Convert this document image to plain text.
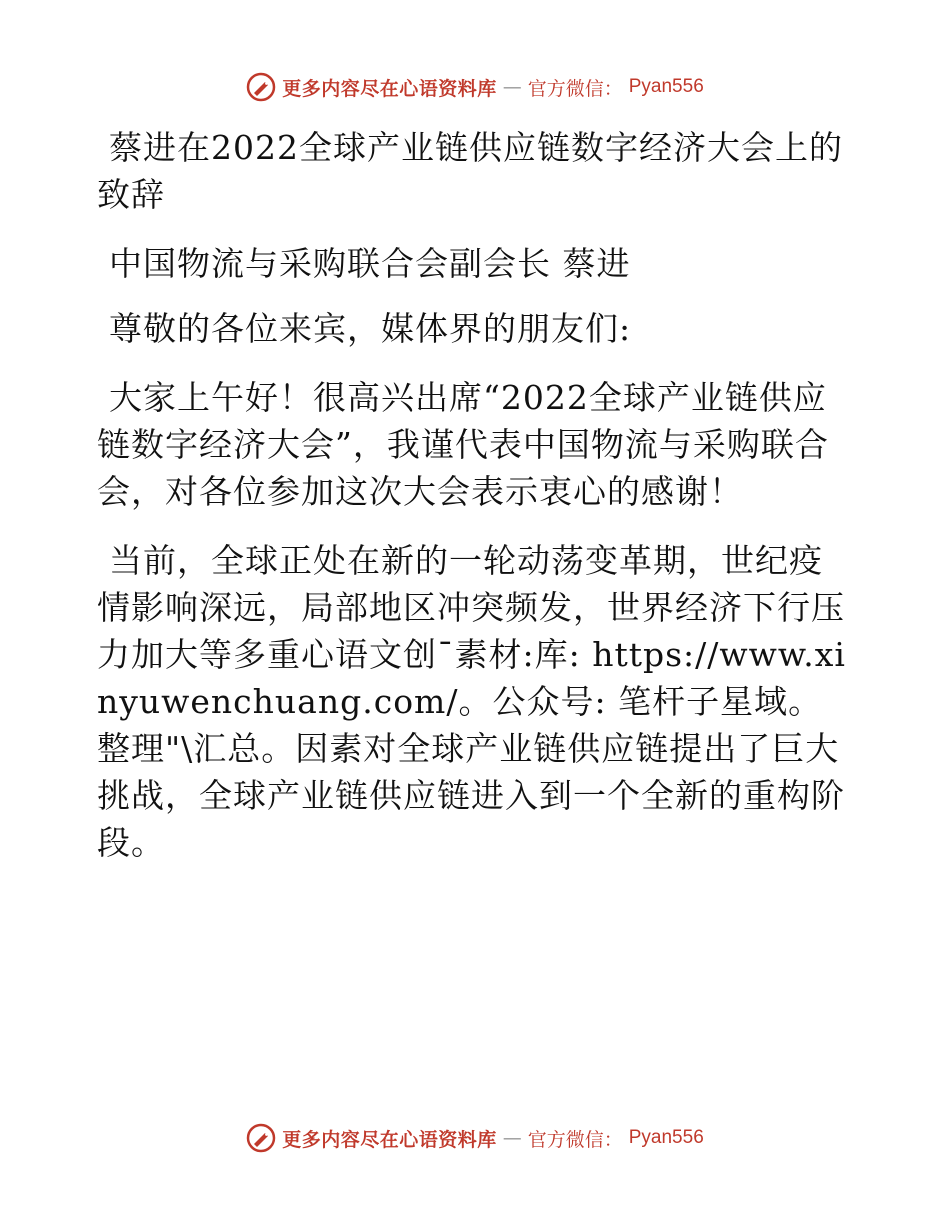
更多内容尽在心语资料库 — 官方微信： Pyan556

蔡进在2022全球产业链供应链数字经济大会上的致辞

中国物流与采购联合会副会长 蔡进

尊敬的各位来宾，媒体界的朋友们:

大家上午好！很高兴出席“2022全球产业链供应链数字经济大会”，我谨代表中国物流与采购联合会，对各位参加这次大会表示衷心的感谢！

当前，全球正处在新的一轮动荡变革期，世纪疫情影响深远，局部地区冲突频发，世界经济下行压力加大等多重心语文创¯素材:库: https://www.xinyuwenchuang.com/。公众号: 笔杆子星域。整理"\汇总。因素对全球产业链供应链提出了巨大挑战，全球产业链供应链进入到一个全新的重构阶段。

更多内容尽在心语资料库 — 官方微信： Pyan556
